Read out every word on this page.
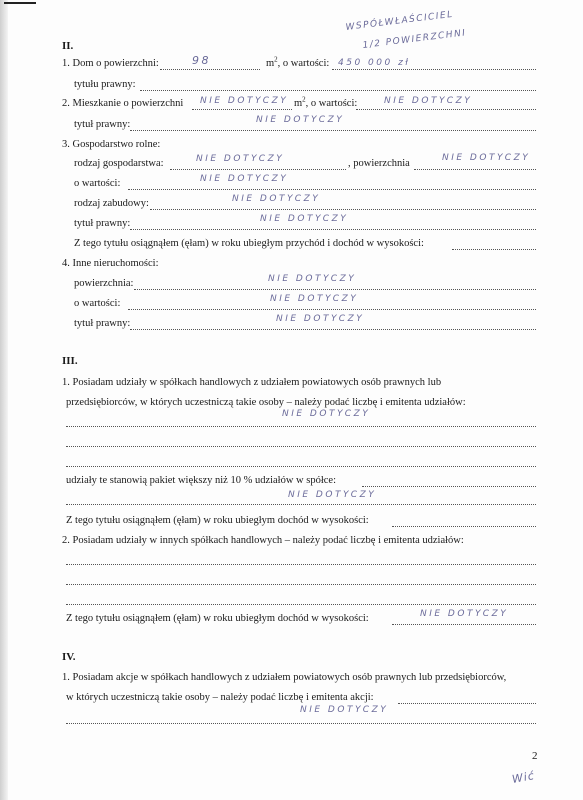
WSPÓŁWŁAŚCICIEL
1/2 POWIERZCHNI
II.
1. Dom o powierzchni:	98	$m^2$, o wartości: 450 000 zł
tytułu prawny:
2. Mieszkanie o powierzchni NIE DOTYCZY $m^2$, o wartości:	NIE DOTYCZY
tytuł prawny:	NIE DOTYCZY
3. Gospodarstwo rolne:
rodzaj gospodarstwa:	NIE DOTYCZY	, powierzchnia	NIE DOTYCZY
o wartości:	NIE DOTYCZY
rodzaj zabudowy:	NIE DOTYCZY
tytuł prawny:	NIE DOTYCZY
Z tego tytułu osiągnąłem (ęłam) w roku ubiegłym przychód i dochód w wysokości:
4. Inne nieruchomości:
powierzchnia:	NIE DOTYCZY
o wartości:	NIE DOTYCZY
tytuł prawny:	NIE DOTYCZY
III.
1. Posiadam udziały w spółkach handlowych z udziałem powiatowych osób prawnych lub
przedsiębiorców, w których uczestniczą takie osoby – należy podać liczbę i emitenta udziałów:
NIE DOTYCZY
udziały te stanowią pakiet większy niż 10 % udziałów w spółce:
NIE DOTYCZY
Z tego tytułu osiągnąłem (ęłam) w roku ubiegłym dochód w wysokości:
2. Posiadam udziały w innych spółkach handlowych – należy podać liczbę i emitenta udziałów:
Z tego tytułu osiągnąłem (ęłam) w roku ubiegłym dochód w wysokości:	NIE DOTYCZY
IV.
1. Posiadam akcje w spółkach handlowych z udziałem powiatowych osób prawnych lub przedsiębiorców,
w których uczestniczą takie osoby – należy podać liczbę i emitenta akcji:
NIE DOTYCZY
2
Wić
